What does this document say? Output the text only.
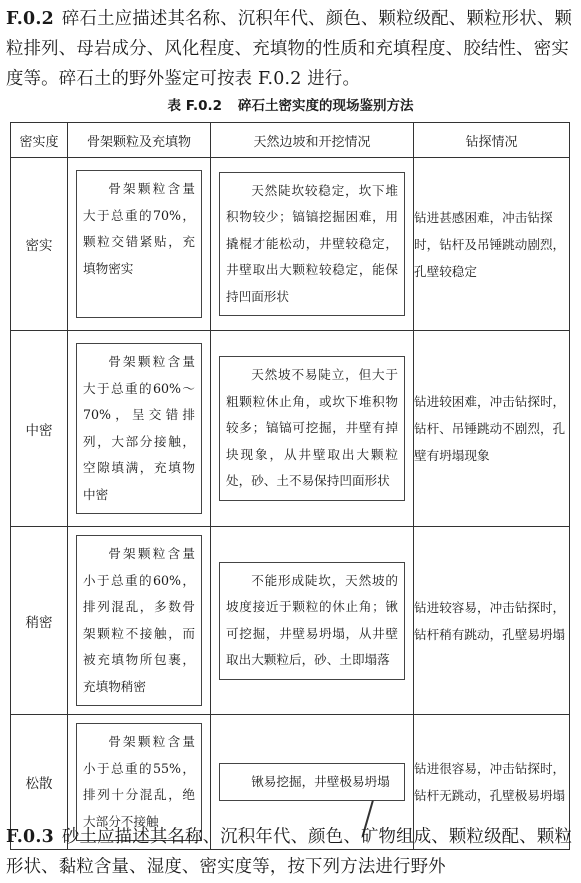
F.0.2 碎石土应描述其名称、沉积年代、颜色、颗粒级配、颗粒形状、颗粒排列、母岩成分、风化程度、充填物的性质和充填程度、胶结性、密实度等。碎石土的野外鉴定可按表 F.0.2 进行。
表 F.0.2 碎石土密实度的现场鉴别方法
密实度	骨架颗粒及充填物	天然边坡和开挖情况	钻探情况
密实	骨架颗粒含量大于总重的70%，颗粒交错紧贴，充填物密实	天然陡坎较稳定，坎下堆积物较少；镐镐挖掘困难，用撬棍才能松动，井壁较稳定，井壁取出大颗粒较稳定，能保持凹面形状	钻进甚感困难，冲击钻探时，钻杆及吊锤跳动剧烈，孔壁较稳定
中密	骨架颗粒含量大于总重的60%～70%，呈交错排列，大部分接触，空隙填满，充填物中密	天然坡不易陡立，但大于粗颗粒休止角，或坎下堆积物较多；镐镐可挖掘，井壁有掉块现象，从井壁取出大颗粒处，砂、土不易保持凹面形状	钻进较困难，冲击钻探时，钻杆、吊锤跳动不剧烈，孔壁有坍塌现象
稍密	骨架颗粒含量小于总重的60%，排列混乱，多数骨架颗粒不接触，而被充填物所包裹，充填物稍密	不能形成陡坎，天然坡的坡度接近于颗粒的休止角；锹可挖掘，井壁易坍塌，从井壁取出大颗粒后，砂、土即塌落	钻进较容易，冲击钻探时，钻杆稍有跳动，孔壁易坍塌
松散	骨架颗粒含量小于总重的55%，排列十分混乱，绝大部分不接触	锹易挖掘，井壁极易坍塌	钻进很容易，冲击钻探时，钻杆无跳动，孔壁极易坍塌
F.0.3 砂土应描述其名称、沉积年代、颜色、矿物组成、颗粒级配、颗粒形状、黏粒含量、湿度、密实度等，按下列方法进行野外
